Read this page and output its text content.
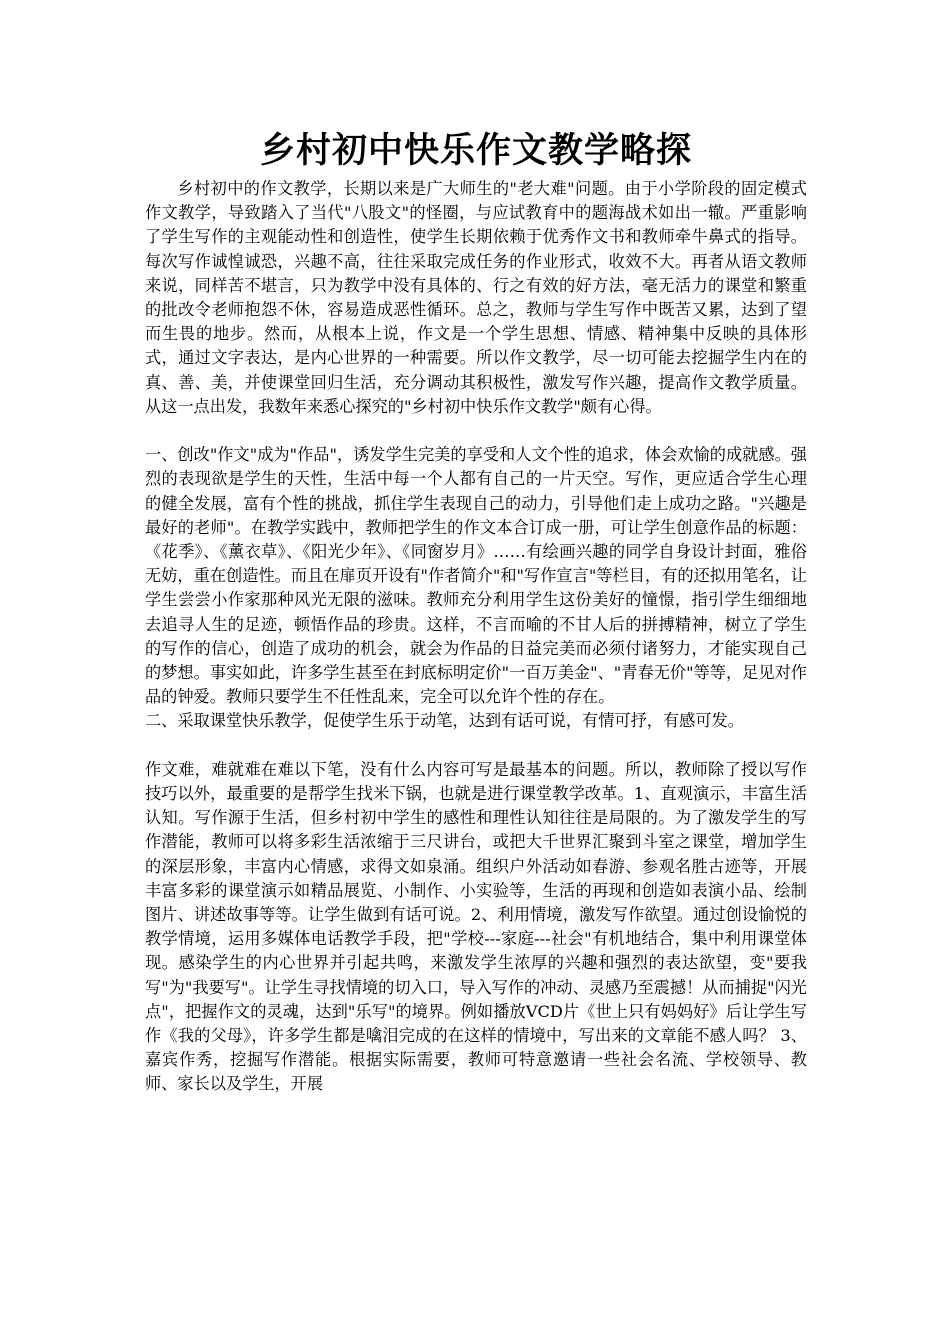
乡村初中快乐作文教学略探

乡村初中的作文教学，长期以来是广大师生的"老大难"问题。由于小学阶段的固定模式作文教学，导致踏入了当代"八股文"的怪圈，与应试教育中的题海战术如出一辙。严重影响了学生写作的主观能动性和创造性，使学生长期依赖于优秀作文书和教师牵牛鼻式的指导。每次写作诚惶诚恐，兴趣不高，往往采取完成任务的作业形式，收效不大。再者从语文教师来说，同样苦不堪言，只为教学中没有具体的、行之有效的好方法，毫无活力的课堂和繁重的批改令老师抱怨不休，容易造成恶性循环。总之，教师与学生写作中既苦又累，达到了望而生畏的地步。然而，从根本上说，作文是一个学生思想、情感、精神集中反映的具体形式，通过文字表达，是内心世界的一种需要。所以作文教学，尽一切可能去挖掘学生内在的真、善、美，并使课堂回归生活，充分调动其积极性，激发写作兴趣，提高作文教学质量。从这一点出发，我数年来悉心探究的"乡村初中快乐作文教学"颇有心得。

一、创改"作文"成为"作品"，诱发学生完美的享受和人文个性的追求，体会欢愉的成就感。强烈的表现欲是学生的天性，生活中每一个人都有自己的一片天空。写作，更应适合学生心理的健全发展，富有个性的挑战，抓住学生表现自己的动力，引导他们走上成功之路。"兴趣是最好的老师"。在教学实践中，教师把学生的作文本合订成一册，可让学生创意作品的标题：《花季》、《薰衣草》、《阳光少年》、《同窗岁月》……有绘画兴趣的同学自身设计封面，雅俗无妨，重在创造性。而且在扉页开设有"作者简介"和"写作宣言"等栏目，有的还拟用笔名，让学生尝尝小作家那种风光无限的滋味。教师充分利用学生这份美好的憧憬，指引学生细细地去追寻人生的足迹，顿悟作品的珍贵。这样，不言而喻的不甘人后的拼搏精神，树立了学生的写作的信心，创造了成功的机会，就会为作品的日益完美而必须付诸努力，才能实现自己的梦想。事实如此，许多学生甚至在封底标明定价"一百万美金"、"青春无价"等等，足见对作品的钟爱。教师只要学生不任性乱来，完全可以允许个性的存在。

二、采取课堂快乐教学，促使学生乐于动笔，达到有话可说，有情可抒，有感可发。

作文难，难就难在难以下笔，没有什么内容可写是最基本的问题。所以，教师除了授以写作技巧以外，最重要的是帮学生找米下锅，也就是进行课堂教学改革。1、直观演示，丰富生活认知。写作源于生活，但乡村初中学生的感性和理性认知往往是局限的。为了激发学生的写作潜能，教师可以将多彩生活浓缩于三尺讲台，或把大千世界汇聚到斗室之课堂，增加学生的深层形象，丰富内心情感，求得文如泉涌。组织户外活动如春游、参观名胜古迹等，开展丰富多彩的课堂演示如精品展览、小制作、小实验等，生活的再现和创造如表演小品、绘制图片、讲述故事等等。让学生做到有话可说。2、利用情境，激发写作欲望。通过创设愉悦的教学情境，运用多媒体电话教学手段，把"学校---家庭---社会"有机地结合，集中利用课堂体现。感染学生的内心世界并引起共鸣，来激发学生浓厚的兴趣和强烈的表达欲望，变"要我写"为"我要写"。让学生寻找情境的切入口，导入写作的冲动、灵感乃至震撼！从而捕捉"闪光点"，把握作文的灵魂，达到"乐写"的境界。例如播放VCD片《世上只有妈妈好》后让学生写作《我的父母》，许多学生都是噙泪完成的在这样的情境中，写出来的文章能不感人吗？ 3、嘉宾作秀，挖掘写作潜能。根据实际需要，教师可特意邀请一些社会名流、学校领导、教师、家长以及学生，开展
